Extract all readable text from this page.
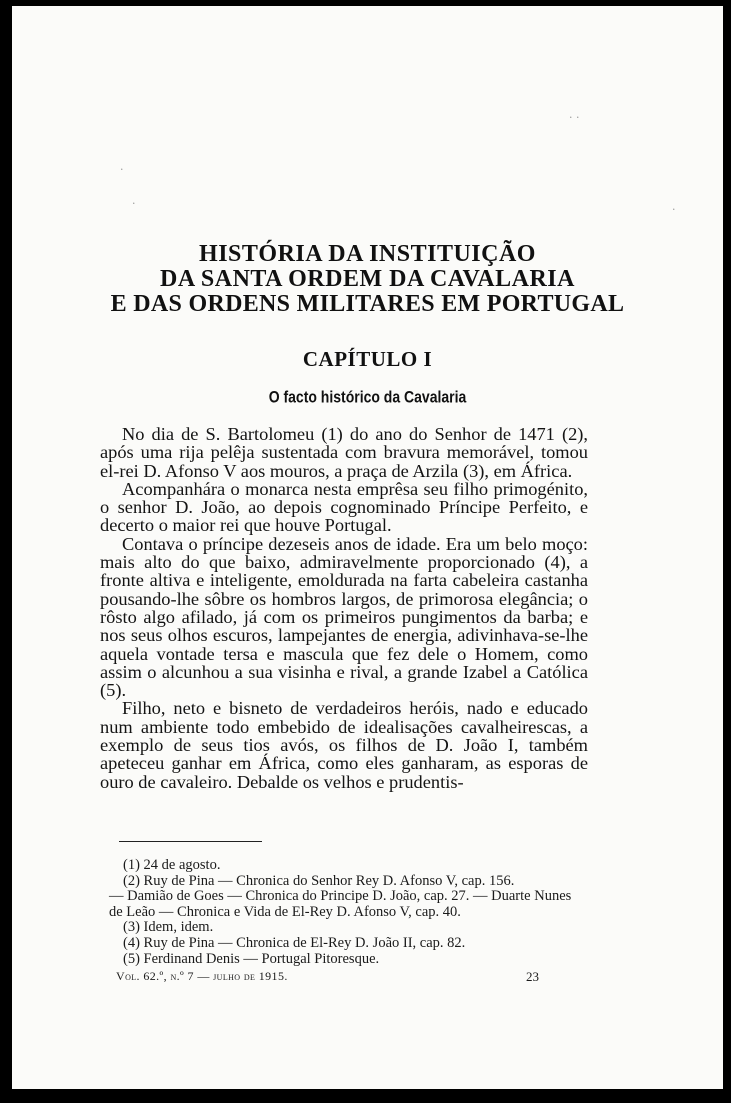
· ·
·
·	·
HISTÓRIA DA INSTITUIÇÃO
DA SANTA ORDEM DA CAVALARIA
E DAS ORDENS MILITARES EM PORTUGAL
CAPÍTULO I
O facto histórico da Cavalaria

No dia de S. Bartolomeu (1) do ano do Senhor de 1471 (2), após uma rija pelêja sustentada com bravura memorável, tomou el-rei D. Afonso V aos mouros, a praça de Arzila (3), em África.

Acompanhára o monarca nesta emprêsa seu filho primogénito, o senhor D. João, ao depois cognominado Príncipe Perfeito, e decerto o maior rei que houve Portugal.

Contava o príncipe dezeseis anos de idade. Era um belo moço: mais alto do que baixo, admiravelmente proporcionado (4), a fronte altiva e inteligente, emoldurada na farta cabeleira castanha pousando-lhe sôbre os hombros largos, de primorosa elegância; o rôsto algo afilado, já com os primeiros pungimentos da barba; e nos seus olhos escuros, lampejantes de energia, adivinhava-se-lhe aquela vontade tersa e mascula que fez dele o Homem, como assim o alcunhou a sua visinha e rival, a grande Izabel a Católica (5).

Filho, neto e bisneto de verdadeiros heróis, nado e educado num ambiente todo embebido de idealisações cavalheirescas, a exemplo de seus tios avós, os filhos de D. João I, também apeteceu ganhar em África, como eles ganharam, as esporas de ouro de cavaleiro. Debalde os velhos e prudentis-

(1) 24 de agosto.

(2) Ruy de Pina — Chronica do Senhor Rey D. Afonso V, cap. 156.

— Damião de Goes — Chronica do Principe D. João, cap. 27. — Duarte Nunes de Leão — Chronica e Vida de El-Rey D. Afonso V, cap. 40.

(3) Idem, idem.

(4) Ruy de Pina — Chronica de El-Rey D. João II, cap. 82.

(5) Ferdinand Denis — Portugal Pitoresque.

Vol. 62.º, n.º 7 — julho de 1915.	23
